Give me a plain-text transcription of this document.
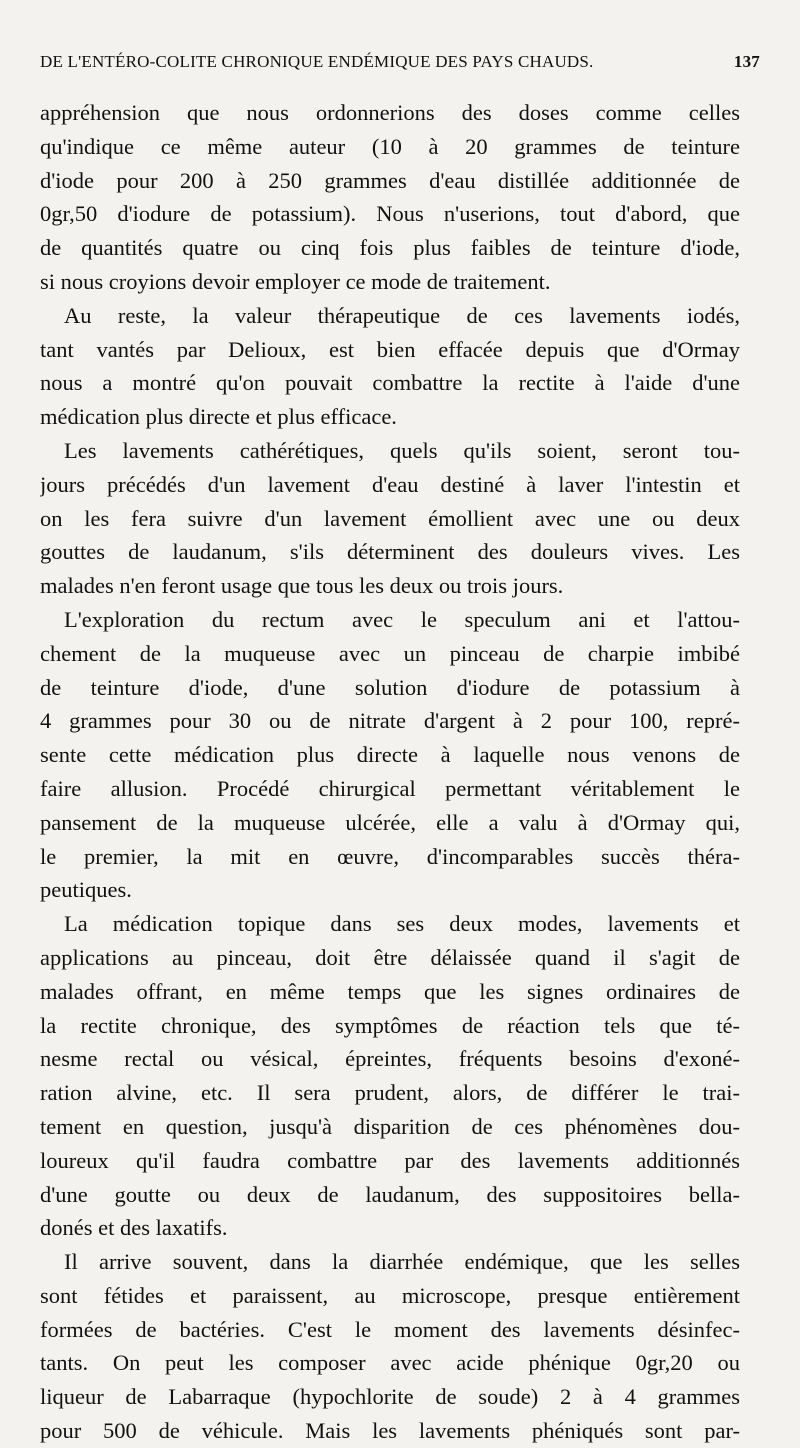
DE L'ENTÉRO-COLITE CHRONIQUE ENDÉMIQUE DES PAYS CHAUDS.	137
appréhension que nous ordonnerions des doses comme celles
qu'indique ce même auteur (10 à 20 grammes de teinture
d'iode pour 200 à 250 grammes d'eau distillée additionnée de
0gr,50 d'iodure de potassium). Nous n'userions, tout d'abord, que
de quantités quatre ou cinq fois plus faibles de teinture d'iode,
si nous croyions devoir employer ce mode de traitement.
Au reste, la valeur thérapeutique de ces lavements iodés,
tant vantés par Delioux, est bien effacée depuis que d'Ormay
nous a montré qu'on pouvait combattre la rectite à l'aide d'une
médication plus directe et plus efficace.
Les lavements cathérétiques, quels qu'ils soient, seront tou-
jours précédés d'un lavement d'eau destiné à laver l'intestin et
on les fera suivre d'un lavement émollient avec une ou deux
gouttes de laudanum, s'ils déterminent des douleurs vives. Les
malades n'en feront usage que tous les deux ou trois jours.
L'exploration du rectum avec le speculum ani et l'attou-
chement de la muqueuse avec un pinceau de charpie imbibé
de teinture d'iode, d'une solution d'iodure de potassium à
4 grammes pour 30 ou de nitrate d'argent à 2 pour 100, repré-
sente cette médication plus directe à laquelle nous venons de
faire allusion. Procédé chirurgical permettant véritablement le
pansement de la muqueuse ulcérée, elle a valu à d'Ormay qui,
le premier, la mit en œuvre, d'incomparables succès théra-
peutiques.
La médication topique dans ses deux modes, lavements et
applications au pinceau, doit être délaissée quand il s'agit de
malades offrant, en même temps que les signes ordinaires de
la rectite chronique, des symptômes de réaction tels que té-
nesme rectal ou vésical, épreintes, fréquents besoins d'exoné-
ration alvine, etc. Il sera prudent, alors, de différer le trai-
tement en question, jusqu'à disparition de ces phénomènes dou-
loureux qu'il faudra combattre par des lavements additionnés
d'une goutte ou deux de laudanum, des suppositoires bella-
donés et des laxatifs.
Il arrive souvent, dans la diarrhée endémique, que les selles
sont fétides et paraissent, au microscope, presque entièrement
formées de bactéries. C'est le moment des lavements désinfec-
tants. On peut les composer avec acide phénique 0gr,20 ou
liqueur de Labarraque (hypochlorite de soude) 2 à 4 grammes
pour 500 de véhicule. Mais les lavements phéniqués sont par-
